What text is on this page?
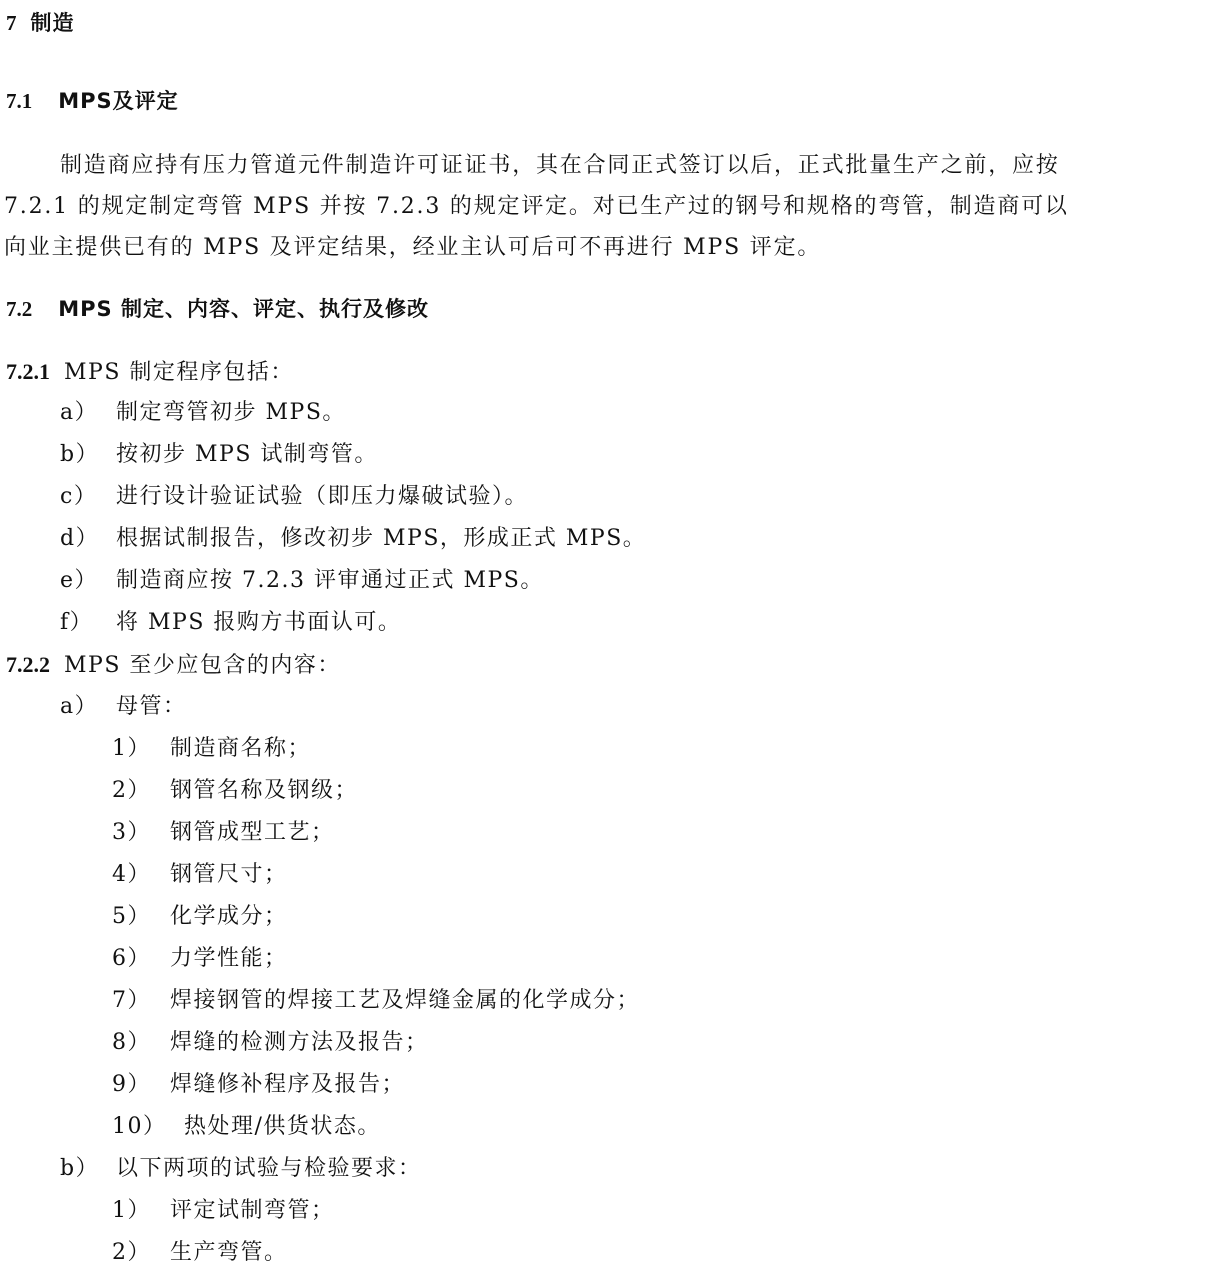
7 制造
7.1 MPS及评定
制造商应持有压力管道元件制造许可证证书，其在合同正式签订以后，正式批量生产之前，应按
7.2.1 的规定制定弯管 MPS 并按 7.2.3 的规定评定。对已生产过的钢号和规格的弯管，制造商可以
向业主提供已有的 MPS 及评定结果，经业主认可后可不再进行 MPS 评定。
7.2 MPS 制定、内容、评定、执行及修改
7.2.1 MPS 制定程序包括：
a） 制定弯管初步 MPS。
b） 按初步 MPS 试制弯管。
c） 进行设计验证试验（即压力爆破试验）。
d） 根据试制报告，修改初步 MPS，形成正式 MPS。
e） 制造商应按 7.2.3 评审通过正式 MPS。
f） 将 MPS 报购方书面认可。
7.2.2 MPS 至少应包含的内容：
a） 母管：
1） 制造商名称；
2） 钢管名称及钢级；
3） 钢管成型工艺；
4） 钢管尺寸；
5） 化学成分；
6） 力学性能；
7） 焊接钢管的焊接工艺及焊缝金属的化学成分；
8） 焊缝的检测方法及报告；
9） 焊缝修补程序及报告；
10） 热处理/供货状态。
b） 以下两项的试验与检验要求：
1） 评定试制弯管；
2） 生产弯管。
